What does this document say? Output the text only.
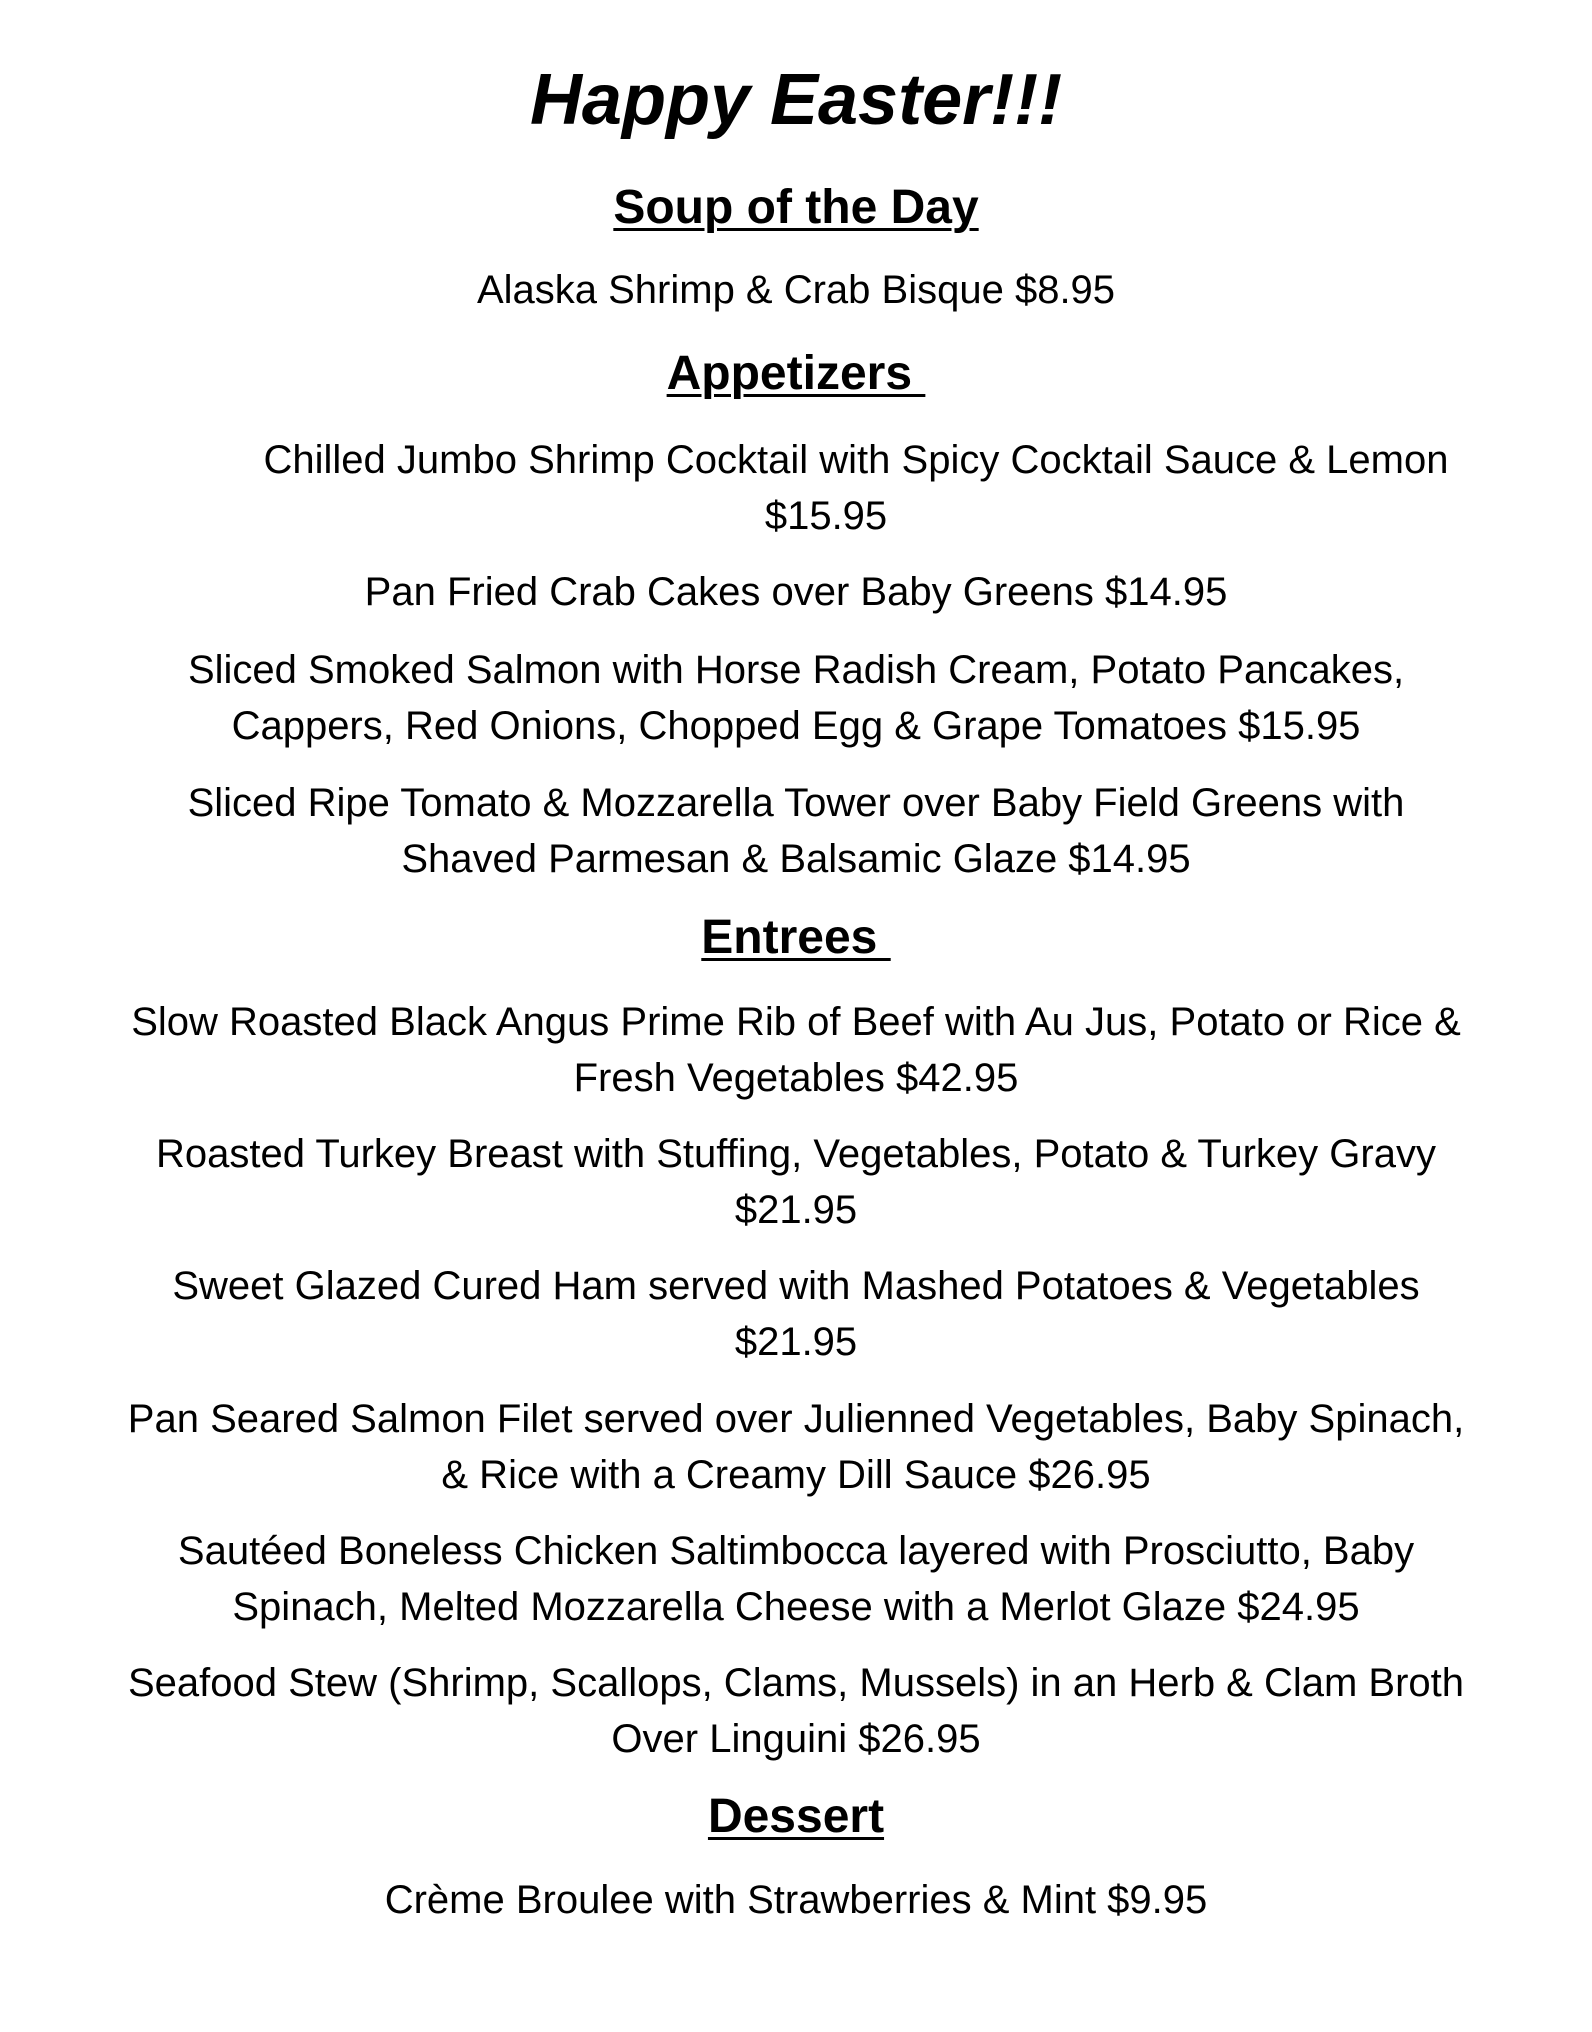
Happy Easter!!!
Soup of the Day

Alaska Shrimp & Crab Bisque $8.95

Appetizers

Chilled Jumbo Shrimp Cocktail with Spicy Cocktail Sauce & Lemon
$15.95

Pan Fried Crab Cakes over Baby Greens $14.95

Sliced Smoked Salmon with Horse Radish Cream, Potato Pancakes,
Cappers, Red Onions, Chopped Egg & Grape Tomatoes $15.95

Sliced Ripe Tomato & Mozzarella Tower over Baby Field Greens with
Shaved Parmesan & Balsamic Glaze $14.95

Entrees

Slow Roasted Black Angus Prime Rib of Beef with Au Jus, Potato or Rice &
Fresh Vegetables $42.95

Roasted Turkey Breast with Stuffing, Vegetables, Potato & Turkey Gravy
$21.95

Sweet Glazed Cured Ham served with Mashed Potatoes & Vegetables
$21.95

Pan Seared Salmon Filet served over Julienned Vegetables, Baby Spinach,
& Rice with a Creamy Dill Sauce $26.95

Sautéed Boneless Chicken Saltimbocca layered with Prosciutto, Baby
Spinach, Melted Mozzarella Cheese with a Merlot Glaze $24.95

Seafood Stew (Shrimp, Scallops, Clams, Mussels) in an Herb & Clam Broth
Over Linguini $26.95

Dessert

Crème Broulee with Strawberries & Mint $9.95
